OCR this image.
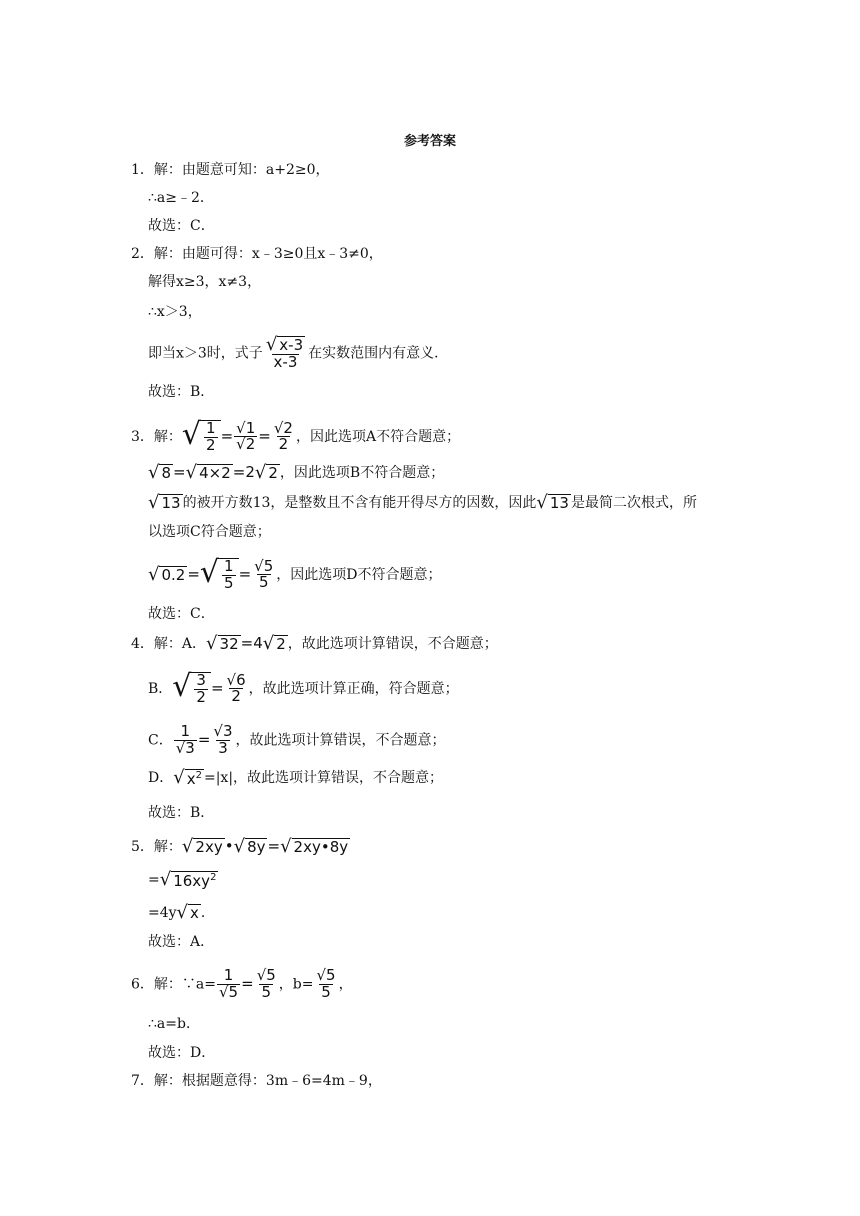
参考答案
1．解：由题意可知：a+2≥0，
∴a≥﹣2．
故选：C．
2．解：由题可得：x﹣3≥0且x﹣3≠0，
解得x≥3，x≠3，
∴x＞3，
即当x＞3时，式子 $\frac{√ x-3}{x-3}$ 在实数范围内有意义．
故选：B．
3．解： √ $\frac{1}{2} = \frac{√1}{√2} = \frac{√2}{2}$ ，因此选项A不符合题意；
√ 8 = √ 4×2 =2 √ 2 ，因此选项B不符合题意；
√ 13 的被开方数13，是整数且不含有能开得尽方的因数，因此 √ 13 是最简二次根式，所
以选项C符合题意；
√ 0.2 = √ $\frac{1}{5} = \frac{√5}{5}$ ，因此选项D不符合题意；
故选：C．
4．解：A． √ 32 =4 √ 2 ，故此选项计算错误，不合题意；
B． √ $\frac{3}{2} = \frac{√6}{2}$ ，故此选项计算正确，符合题意；
C． $\frac{1}{√3} = \frac{√3}{3}$ ，故此选项计算错误，不合题意；
D． √ $x^2 =|x|$，故此选项计算错误，不合题意；
故选：B．
5．解： √ 2xy • √ 8y = √ 2xy•8y
= √ $16xy^2$
=4y √ x ．
故选：A．
6．解：∵a= $\frac{1}{√5} = \frac{√5}{5}$ ，$b= \frac{√5}{5}$ ，
∴a=b．
故选：D．
7．解：根据题意得：3m﹣6=4m﹣9，
